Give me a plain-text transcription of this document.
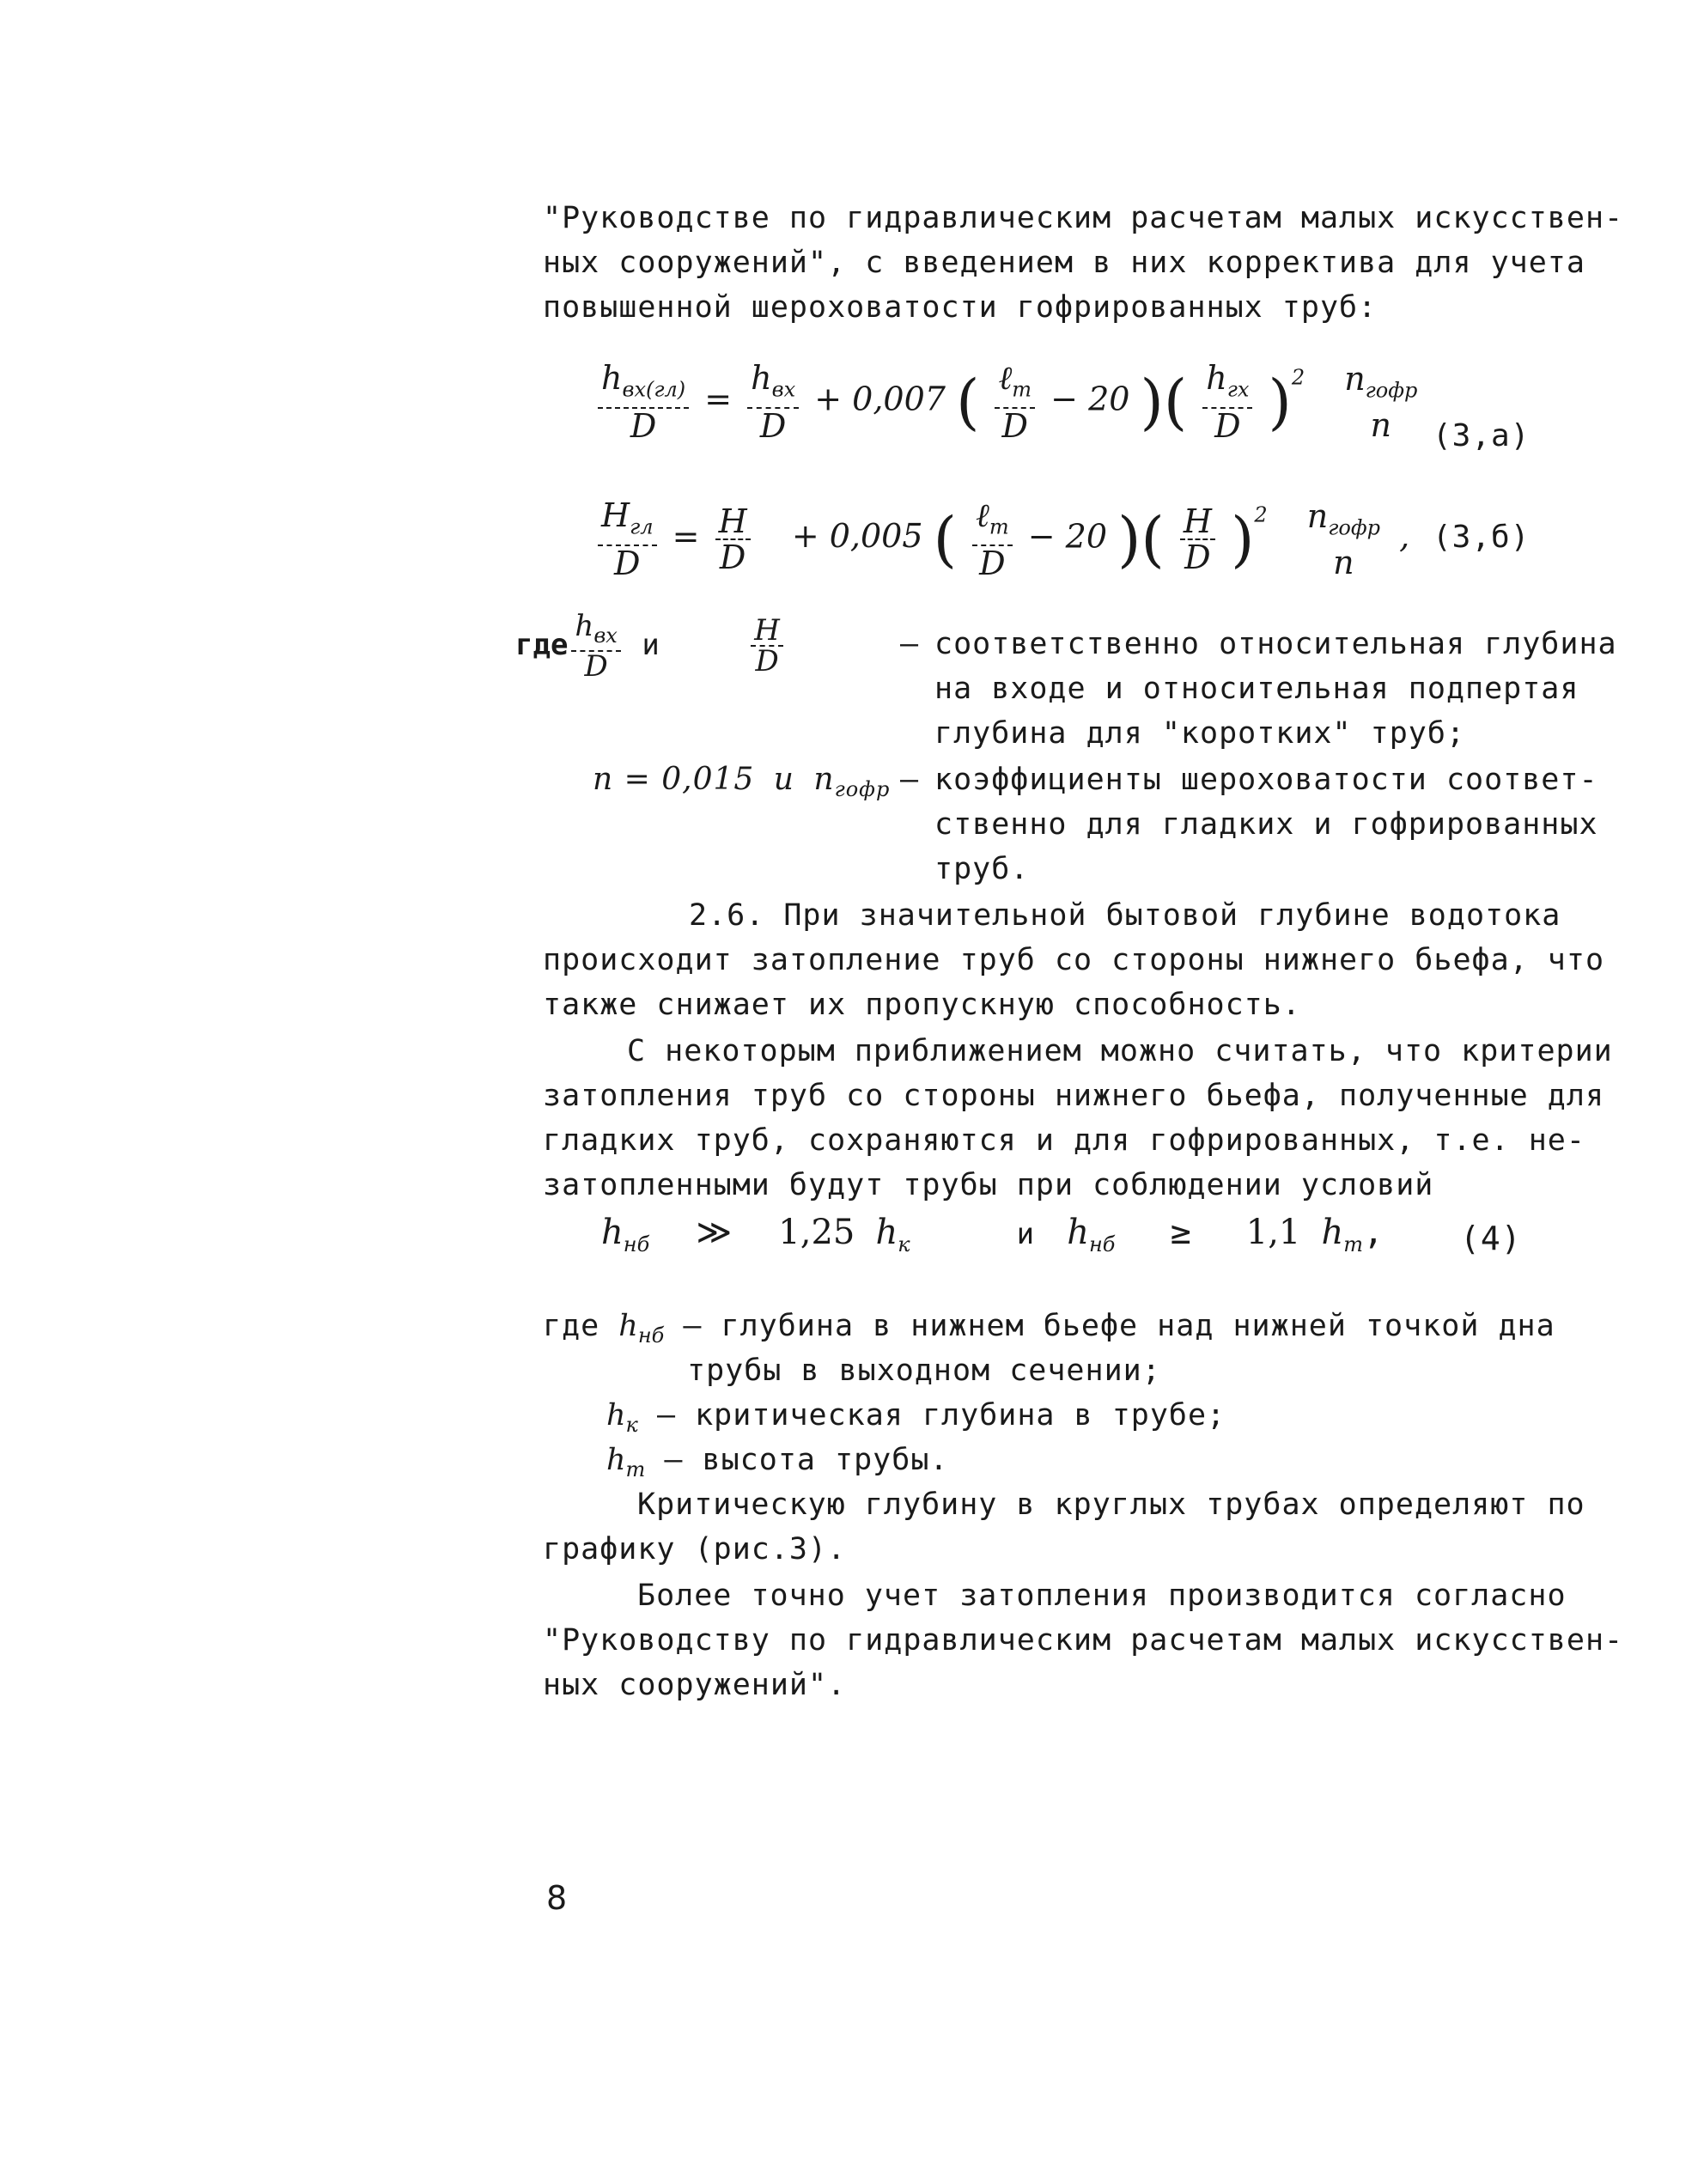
"Руководстве по гидравлическим расчетам малых искусствен-
ных сооружений", с введением в них корректива для учета
повышенной шероховатости гофрированных труб:
$\frac{h_{вх(гл)}}{D} = \frac{h_{вх}}{D} + 0,007$ ( $\frac{\ell_т}{D} - 20$ )( $\frac{h_{гх}}{D} )^2$ $n_{гофр}$
n	(3,а)
$\frac{H_{гл}}{D} = \frac{H}{D} + 0,005$ ( $\frac{\ell_т}{D} - 20$ )( $\frac{H}{D} )^2$ $n_{гофр}$
n
, (3,б)
где $\frac{h_{вх}}{D}$ и	$\frac{H}{D}$	– соответственно относительная глубина
на входе и относительная подпертая
глубина для "коротких" труб;
n = 0,015 и $n_{гофр}$ – коэффициенты шероховатости соответ-
ственно для гладких и гофрированных
труб.
2.6. При значительной бытовой глубине водотока
происходит затопление труб со стороны нижнего бьефа, что
также снижает их пропускную способность.
С некоторым приближением можно считать, что критерии
затопления труб со стороны нижнего бьефа, полученные для
гладких труб, сохраняются и для гофрированных, т.е. не-
затопленными будут трубы при соблюдении условий
$h_{нб}$ ≫ 1,25 $h_к$	и $h_{нб} \ge 1,1$ $h_т$, (4)
где $h_{нб}$ – глубина в нижнем бьефе над нижней точкой дна
трубы в выходном сечении;
$h_к$ – критическая глубина в трубе;
$h_т$ – высота трубы.
Критическую глубину в круглых трубах определяют по
графику (рис.3).
Более точно учет затопления производится согласно
"Руководству по гидравлическим расчетам малых искусствен-
ных сооружений".
8
